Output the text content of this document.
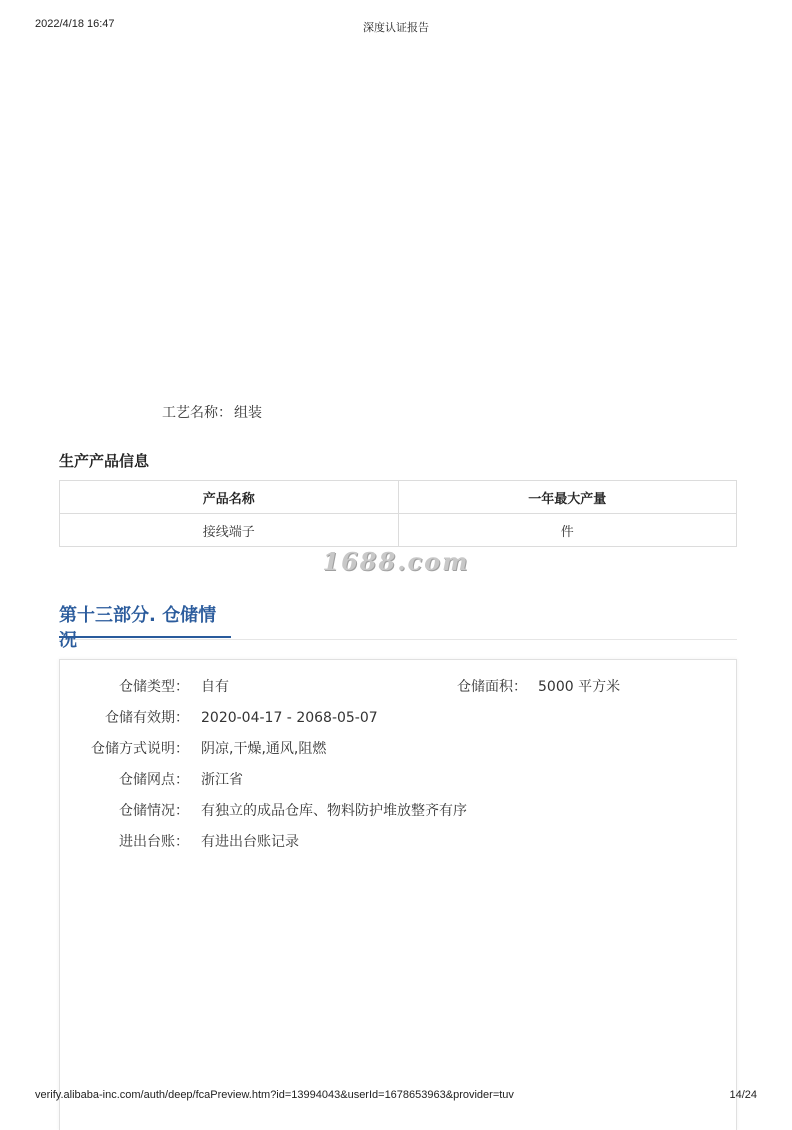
2022/4/18 16:47	深度认证报告
工艺名称： 组装
生产产品信息
产品名称	一年最大产量
接线端子	件
1688.com
第十三部分. 仓储情况
仓储类型： 自有	仓储面积： 5000 平方米
仓储有效期： 2020-04-17 - 2068-05-07
仓储方式说明： 阴凉,干燥,通风,阻燃
仓储网点： 浙江省
仓储情况： 有独立的成品仓库、物料防护堆放整齐有序
进出台账： 有进出台账记录
verify.alibaba-inc.com/auth/deep/fcaPreview.htm?id=13994043&userId=1678653963&provider=tuv	14/24
